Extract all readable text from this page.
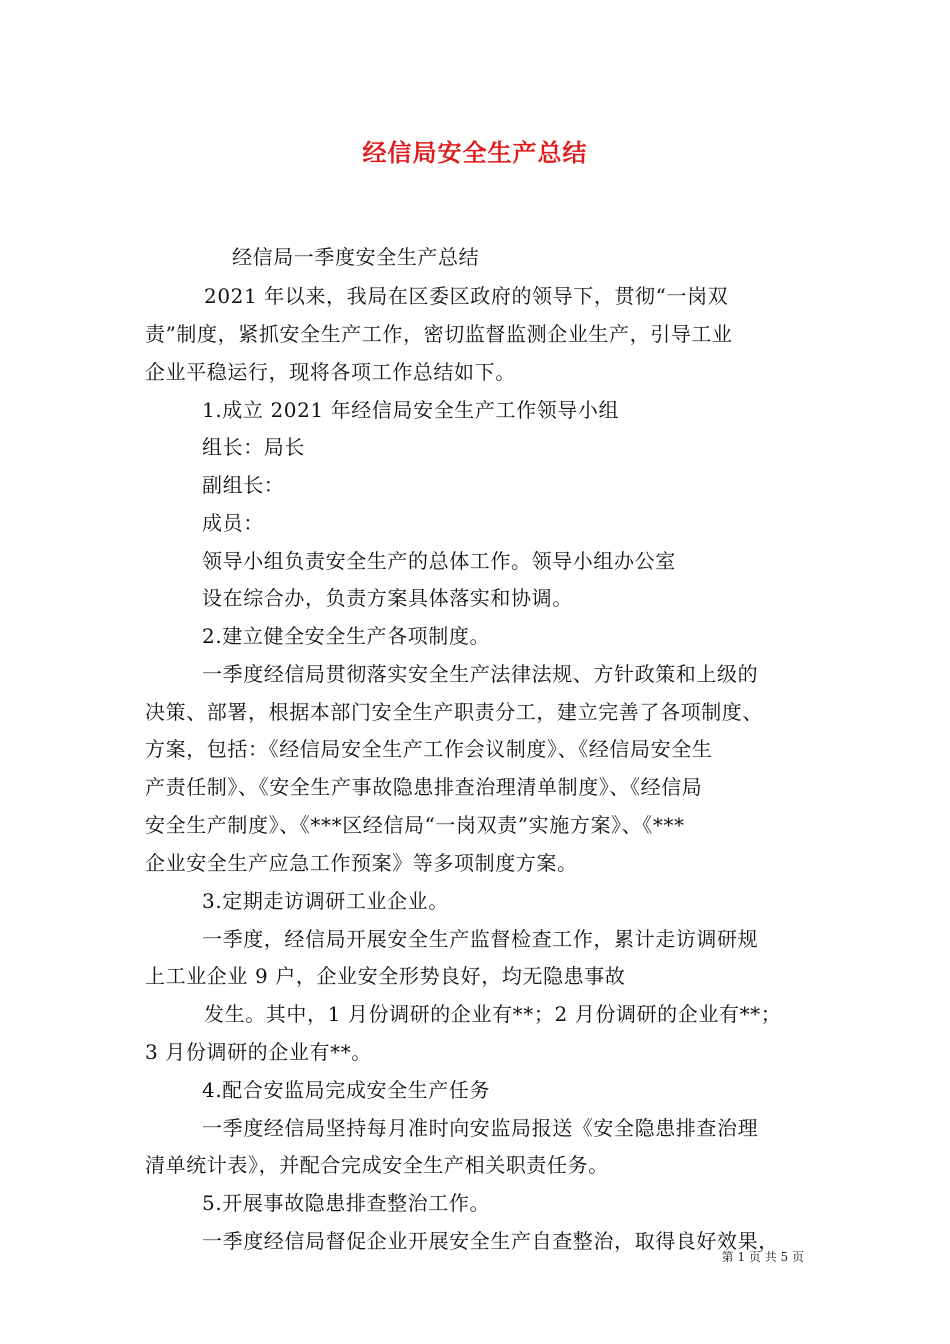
经信局安全生产总结
经信局一季度安全生产总结
2021 年以来，我局在区委区政府的领导下，贯彻“一岗双
责”制度，紧抓安全生产工作，密切监督监测企业生产，引导工业
企业平稳运行，现将各项工作总结如下。
1.成立 2021 年经信局安全生产工作领导小组
组长：局长
副组长：
成员：
领导小组负责安全生产的总体工作。领导小组办公室
设在综合办，负责方案具体落实和协调。
2.建立健全安全生产各项制度。
一季度经信局贯彻落实安全生产法律法规、方针政策和上级的
决策、部署，根据本部门安全生产职责分工，建立完善了各项制度、
方案，包括：《经信局安全生产工作会议制度》、《经信局安全生
产责任制》、《安全生产事故隐患排查治理清单制度》、《经信局
安全生产制度》、《***区经信局“一岗双责”实施方案》、《***
企业安全生产应急工作预案》等多项制度方案。
3.定期走访调研工业企业。
一季度，经信局开展安全生产监督检查工作，累计走访调研规
上工业企业 9 户，企业安全形势良好，均无隐患事故
发生。其中，1 月份调研的企业有**；2 月份调研的企业有**；
3 月份调研的企业有**。
4.配合安监局完成安全生产任务
一季度经信局坚持每月准时向安监局报送《安全隐患排查治理
清单统计表》，并配合完成安全生产相关职责任务。
5.开展事故隐患排查整治工作。
一季度经信局督促企业开展安全生产自查整治，取得良好效果，
第 1 页 共 5 页
